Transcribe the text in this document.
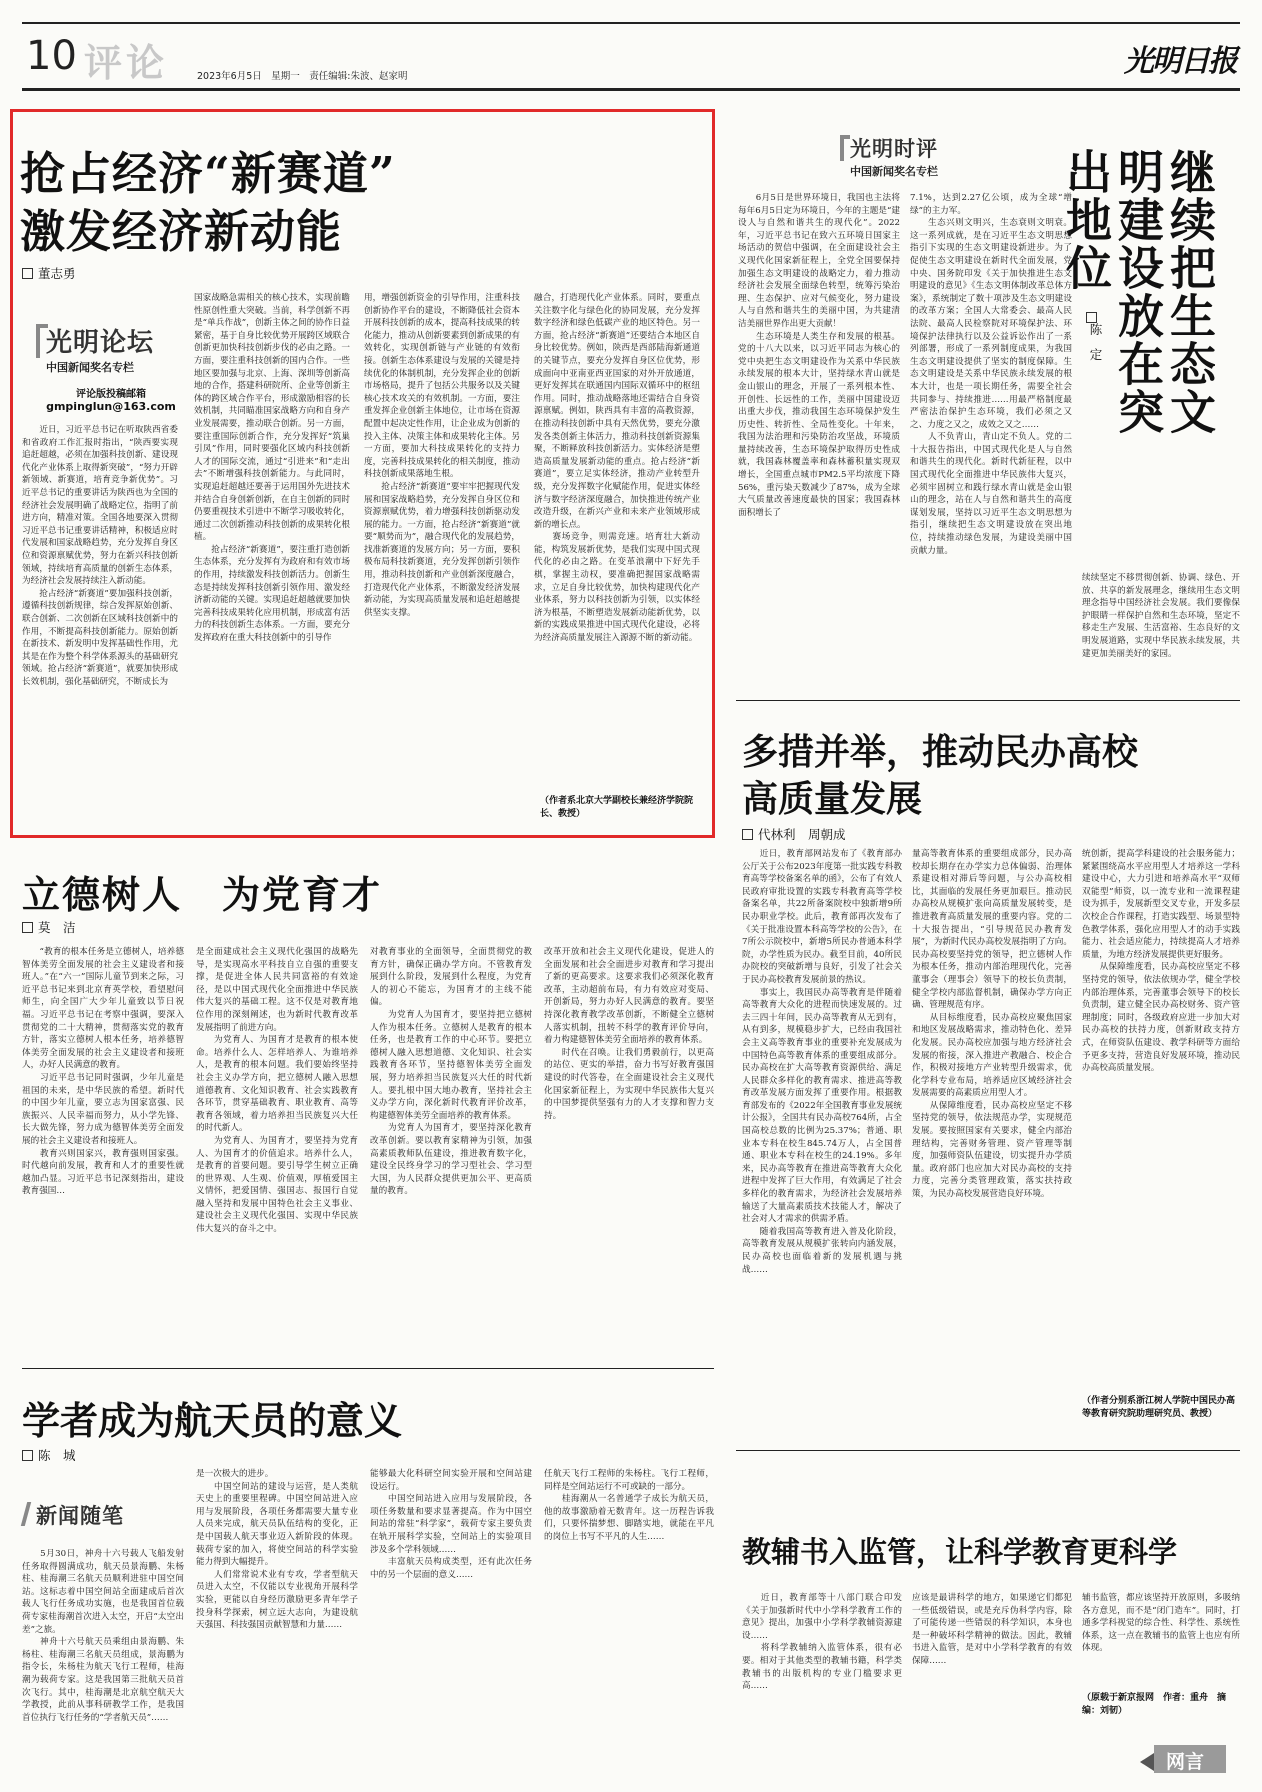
10 评论	2023年6月5日　星期一　责任编辑:朱波、赵家明	光明日报
抢占经济“新赛道”
激发经济新动能
董志勇
光明论坛
中国新闻奖名专栏
评论版投稿邮箱
gmpinglun@163.com
　　近日，习近平总书记在听取陕西省委和省政府工作汇报时指出，“陕西要实现追赶超越，必须在加强科技创新、建设现代化产业体系上取得新突破”，“努力开辟新领域、新赛道，培育竞争新优势”。习近平总书记的重要讲话为陕西也为全国的经济社会发展明确了战略定位，指明了前进方向，精准对策。全国各地要深入贯彻习近平总书记重要讲话精神，积极适应时代发展和国家战略趋势，充分发挥自身区位和资源禀赋优势，努力在新兴科技创新领域，持续培育高质量的创新生态体系，为经济社会发展持续注入新动能。
　　抢占经济“新赛道”要加强科技创新，遵循科技创新规律，综合发挥原始创新、联合创新、二次创新在区域科技创新中的作用，不断提高科技创新能力。原始创新在新技术、新发明中发挥基础性作用，尤其是在作为整个科学体系源头的基础研究领域。抢占经济“新赛道”，就要加快形成长效机制，强化基础研究，不断成长为
国家战略急需相关的核心技术，实现前瞻性原创性重大突破。当前，科学创新不再是“单兵作战”，创新主体之间的协作日益紧密，基于自身比较优势开展跨区域联合创新更加快科技创新步伐的必由之路。一方面，要注重科技创新的国内合作。一些地区要加强与北京、上海、深圳等创新高地的合作，搭建科研院所、企业等创新主体的跨区域合作平台，形成激励相容的长效机制，共同瞄准国家战略方向和自身产业发展需要，推动联合创新。另一方面，要注重国际创新合作，充分发挥好“筑巢引凤”作用，同时要强化区域内科技创新人才的国际交流，通过“引进来”和“走出去”不断增强科技创新能力。与此同时，实现追赶超越还要善于运用国外先进技术并结合自身创新创新，在自主创新的同时仍要重视技术引进中不断学习吸收转化，通过二次创新推动科技创新的成果转化根植。
　　抢占经济“新赛道”，要注重打造创新生态体系，充分发挥有为政府和有效市场的作用，持续激发科技创新活力。创新生态是持续发挥科技创新引领作用、激发经济新动能的关键。实现追赶超越就要加快完善科技成果转化应用机制，形成富有活力的科技创新生态体系。一方面，要充分发挥政府在重大科技创新中的引导作
用，增强创新资金的引导作用，注重科技创新协作平台的建设，不断降低社会资本开展科技创新的成本，提高科技成果的转化能力，推动从创新要素到创新成果的有效转化，实现创新链与产业链的有效衔接。创新生态体系建设与发展的关键是持续优化的体制机制，充分发挥企业的创新市场格局，提升了包括公共服务以及关键核心技术攻关的有效机制。一方面，要注重发挥企业创新主体地位，让市场在资源配置中起决定性作用，让企业成为创新的投入主体、决策主体和成果转化主体。另一方面，要加大科技成果转化的支持力度，完善科技成果转化的相关制度，推动科技创新成果落地生根。
　　抢占经济“新赛道”要牢牢把握现代发展和国家战略趋势，充分发挥自身区位和资源禀赋优势，着力增强科技创新驱动发展的能力。一方面，抢占经济“新赛道”就要“顺势而为”，融合现代化的发展趋势，找准新赛道的发展方向；另一方面，要积极布局科技新赛道，充分发挥创新引领作用，推动科技创新和产业创新深度融合，打造现代化产业体系，不断激发经济发展新动能，为实现高质量发展和追赶超越提供坚实支撑。
融合，打造现代化产业体系。同时，要重点关注数字化与绿色化的协同发展，充分发挥数字经济和绿色低碳产业的地区特色。另一方面，抢占经济“新赛道”还要结合本地区自身比较优势。例如，陕西是西部陆海新通道的关键节点，要充分发挥自身区位优势，形成面向中亚南亚西亚国家的对外开放通道，更好发挥其在联通国内国际双循环中的枢纽作用。同时，推动战略落地还需结合自身资源禀赋。例如，陕西具有丰富的高教资源，在推动科技创新中具有天然优势，要充分激发各类创新主体活力，推动科技创新资源集聚，不断释放科技创新活力。实体经济是塑造高质量发展新动能的重点。抢占经济“新赛道”，要立足实体经济，推动产业转型升级，充分发挥数字化赋能作用，促进实体经济与数字经济深度融合，加快推进传统产业改造升级，在新兴产业和未来产业领域形成新的增长点。
　　赛场竞争，则需竞速。培育壮大新动能，构筑发展新优势，是我们实现中国式现代化的必由之路。在变革浪潮中下好先手棋，掌握主动权，要准确把握国家战略需求，立足自身比较优势，加快构建现代化产业体系，努力以科技创新为引领，以实体经济为根基，不断塑造发展新动能新优势，以新的实践成果推进中国式现代化建设，必将为经济高质量发展注入源源不断的新动能。
（作者系北京大学副校长兼经济学院院长、教授）
光明时评
中国新闻奖名专栏	继续把生态文明建设放在突出地位
陈　定
　　6月5日是世界环境日，我国也主法将每年6月5日定为环境日，今年的主题是“建设人与自然和谐共生的现代化”。2022年，习近平总书记在致六五环境日国家主场活动的贺信中强调，在全面建设社会主义现代化国家新征程上，全党全国要保持加强生态文明建设的战略定力，着力推动经济社会发展全面绿色转型，统筹污染治理、生态保护、应对气候变化，努力建设人与自然和谐共生的美丽中国，为共建清洁美丽世界作出更大贡献！
　　生态环境是人类生存和发展的根基。党的十八大以来，以习近平同志为核心的党中央把生态文明建设作为关系中华民族永续发展的根本大计，坚持绿水青山就是金山银山的理念，开展了一系列根本性、开创性、长远性的工作，美丽中国建设迈出重大步伐，推动我国生态环境保护发生历史性、转折性、全局性变化。十年来，我国为法治理和污染防治攻坚战，环境质量持续改善，生态环境保护取得历史性成就，我国森林覆盖率和森林蓄积量实现双增长，全国重点城市PM2.5平均浓度下降56%，重污染天数减少了87%，成为全球大气质量改善速度最快的国家；我国森林面积增长了
7.1%，达到2.27亿公顷，成为全球“增绿”的主力军。
　　生态兴则文明兴，生态衰则文明衰。这一系列成就，是在习近平生态文明思想指引下实现的生态文明建设新进步。为了促使生态文明建设在新时代全面发展，党中央、国务院印发《关于加快推进生态文明建设的意见》《生态文明体制改革总体方案》，系统制定了数十项涉及生态文明建设的改革方案；全国人大常委会、最高人民法院、最高人民检察院对环境保护法、环境保护法律执行以及公益诉讼作出了一系列部署，形成了一系列制度成果，为我国生态文明建设提供了坚实的制度保障。生态文明建设是关系中华民族永续发展的根本大计，也是一项长期任务，需要全社会共同参与、持续推进……用最严格制度最严密法治保护生态环境，我们必须之又之、力度之又之，成效之又之……
　　人不负青山，青山定不负人。党的二十大报告指出，中国式现代化是人与自然和谐共生的现代化。新时代新征程，以中国式现代化全面推进中华民族伟大复兴，必须牢固树立和践行绿水青山就是金山银山的理念，站在人与自然和谐共生的高度谋划发展，坚持以习近平生态文明思想为指引，继续把生态文明建设放在突出地位，持续推动绿色发展，为建设美丽中国贡献力量。
续续坚定不移贯彻创新、协调、绿色、开放、共享的新发展理念，继续用生态文明理念指导中国经济社会发展。我们要像保护眼睛一样保护自然和生态环境，坚定不移走生产发展、生活富裕、生态良好的文明发展道路，实现中华民族永续发展，共建更加美丽美好的家园。
多措并举，推动民办高校
高质量发展
代林利　周朝成
　　近日，教育部网站发布了《教育部办公厅关于公布2023年度第一批实践专科教育高等学校备案名单的函》，公布了有效人民政府审批设置的实践专科教育高等学校备案名单，共22所备案院校中独新增9所民办职业学校。此后，教育部再次发布了《关于批准设置本科高等学校的公告》，在7所公示院校中，新增5所民办普通本科学院，办学性质为民办。截至目前，40所民办院校的突破新增与良好，引发了社会关于民办高校教育发展前景的热议。
　　事实上，我国民办高等教育是伴随着高等教育大众化的进程而快速发展的。过去三四十年间，民办高等教育从无到有，从有到多，规模稳步扩大，已经由我国社会主义高等教育事业的重要补充发展成为中国特色高等教育体系的重要组成部分。民办高校在扩大高等教育资源供给、满足人民群众多样化的教育需求、推进高等教育改革发展方面发挥了重要作用。根据教育部发布的《2022年全国教育事业发展统计公报》，全国共有民办高校764所，占全国高校总数的比例为25.37%；普通、职业本专科在校生845.74万人，占全国普通、职业本专科在校生的24.19%。多年来，民办高等教育在推进高等教育大众化进程中发挥了巨大作用，有效满足了社会多样化的教育需求，为经济社会发展培养输送了大量高素质技术技能人才，解决了社会对人才需求的供需矛盾。
　　随着我国高等教育进入普及化阶段，高等教育发展从规模扩张转向内涵发展，民办高校也面临着新的发展机遇与挑战……
量高等教育体系的重要组成部分，民办高校却长期存在办学实力总体偏弱、治理体系建设相对滞后等问题，与公办高校相比，其面临的发展任务更加艰巨。推动民办高校从规模扩张向高质量发展转变，是推进教育高质量发展的重要内容。党的二十大报告提出，“引导规范民办教育发展”，为新时代民办高校发展指明了方向。民办高校要坚持党的领导，把立德树人作为根本任务，推动内部治理现代化，完善董事会（理事会）领导下的校长负责制，健全学校内部监督机制，确保办学方向正确、管理规范有序。
　　从目标维度看，民办高校应聚焦国家和地区发展战略需求，推动特色化、差异化发展。民办高校应加强与地方经济社会发展的衔接，深入推进产教融合、校企合作，积极对接地方产业转型升级需求，优化学科专业布局，培养适应区域经济社会发展需要的高素质应用型人才。
　　从保障维度看，民办高校应坚定不移坚持党的领导，依法规范办学，实现规范发展。要按照国家有关要求，健全内部治理结构，完善财务管理、资产管理等制度，加强师资队伍建设，切实提升办学质量。政府部门也应加大对民办高校的支持力度，完善分类管理政策，落实扶持政策，为民办高校发展营造良好环境。
统创新，提高学科建设的社会服务能力；紧紧围绕高水平应用型人才培养这一学科建设中心，大力引进和培养高水平“双师双能型”师资，以一流专业和一流课程建设为抓手，发展新型交叉专业，开发多层次校企合作课程，打造实践型、场景型特色教学体系，强化应用型人才的动手实践能力、社会适应能力，持续提高人才培养质量，为地方经济发展提供更好服务。
　　从保障维度看，民办高校应坚定不移坚持党的领导，依法依规办学，健全学校内部治理体系，完善董事会领导下的校长负责制，建立健全民办高校财务、资产管理制度；同时，各级政府应进一步加大对民办高校的扶持力度，创新财政支持方式，在师资队伍建设、教学科研等方面给予更多支持，营造良好发展环境，推动民办高校高质量发展。
（作者分别系浙江树人学院中国民办高等教育研究院助理研究员、教授）
立德树人　为党育才
莫　洁
　　“教育的根本任务是立德树人，培养德智体美劳全面发展的社会主义建设者和接班人。”在“六一”国际儿童节到来之际，习近平总书记来到北京育英学校，看望慰问师生，向全国广大少年儿童致以节日祝福。习近平总书记在考察中强调，要深入贯彻党的二十大精神，贯彻落实党的教育方针，落实立德树人根本任务，培养德智体美劳全面发展的社会主义建设者和接班人，办好人民满意的教育。
　　习近平总书记同时强调，少年儿童是祖国的未来，是中华民族的希望。新时代的中国少年儿童，要立志为国家富强、民族振兴、人民幸福而努力，从小学先锋、长大做先锋，努力成为德智体美劳全面发展的社会主义建设者和接班人。
　　教育兴则国家兴，教育强则国家强。时代越向前发展，教育和人才的重要性就越加凸显。习近平总书记深刻指出，建设教育强国…
是全面建成社会主义现代化强国的战略先导，是实现高水平科技自立自强的重要支撑，是促进全体人民共同富裕的有效途径，是以中国式现代化全面推进中华民族伟大复兴的基础工程。这不仅是对教育地位作用的深刻阐述，也为新时代教育改革发展指明了前进方向。
　　为党育人、为国育才是教育的根本使命。培养什么人、怎样培养人、为谁培养人，是教育的根本问题。我们要始终坚持社会主义办学方向，把立德树人融入思想道德教育、文化知识教育、社会实践教育各环节，贯穿基础教育、职业教育、高等教育各领域，着力培养担当民族复兴大任的时代新人。
　　为党育人、为国育才，要坚持为党育人、为国育才的价值追求。培养什么人，是教育的首要问题。要引导学生树立正确的世界观、人生观、价值观，厚植爱国主义情怀，把爱国情、强国志、报国行自觉融入坚持和发展中国特色社会主义事业、建设社会主义现代化强国、实现中华民族伟大复兴的奋斗之中。
对教育事业的全面领导，全面贯彻党的教育方针，确保正确办学方向。不管教育发展到什么阶段，发展到什么程度，为党育人的初心不能忘，为国育才的主线不能偏。
　　为党育人为国育才，要坚持把立德树人作为根本任务。立德树人是教育的根本任务，也是教育工作的中心环节。要把立德树人融入思想道德、文化知识、社会实践教育各环节，坚持德智体美劳全面发展，努力培养担当民族复兴大任的时代新人。要扎根中国大地办教育，坚持社会主义办学方向，深化新时代教育评价改革，构建德智体美劳全面培养的教育体系。
　　为党育人为国育才，要坚持深化教育改革创新。要以教育家精神为引领，加强高素质教师队伍建设，推进教育数字化，建设全民终身学习的学习型社会、学习型大国，为人民群众提供更加公平、更高质量的教育。
改革开放和社会主义现代化建设，促进人的全面发展和社会全面进步对教育和学习提出了新的更高要求。这要求我们必须深化教育改革，主动超前布局，有力有效应对变局、开创新局，努力办好人民满意的教育。要坚持深化教育教学改革创新，不断健全立德树人落实机制，扭转不科学的教育评价导向，着力构建德智体美劳全面培养的教育体系。
　　时代在召唤。让我们勇毅前行，以更高的站位、更实的举措，奋力书写好教育强国建设的时代答卷，在全面建设社会主义现代化国家新征程上，为实现中华民族伟大复兴的中国梦提供坚强有力的人才支撑和智力支持。
学者成为航天员的意义
陈　城
新闻随笔
　　5月30日，神舟十六号载人飞船发射任务取得圆满成功，航天员景海鹏、朱杨柱、桂海潮三名航天员顺利进驻中国空间站。这标志着中国空间站全面建成后首次载人飞行任务成功实施，也是我国首位载荷专家桂海潮首次进入太空，开启“太空出差”之旅。
　　神舟十六号航天员乘组由景海鹏、朱杨柱、桂海潮三名航天员组成，景海鹏为指令长，朱杨柱为航天飞行工程师，桂海潮为载荷专家。这是我国第三批航天员首次飞行。其中，桂海潮是北京航空航天大学教授，此前从事科研教学工作，是我国首位执行飞行任务的“学者航天员”……
是一次极大的进步。
　　中国空间站的建设与运营，是人类航天史上的重要里程碑。中国空间站进入应用与发展阶段，各项任务都需要大量专业人员来完成，航天员队伍结构的变化，正是中国载人航天事业迈入新阶段的体现。载荷专家的加入，将使空间站的科学实验能力得到大幅提升。
　　人们常常说术业有专攻，学者型航天员进入太空，不仅能以专业视角开展科学实验，更能以自身经历激励更多青年学子投身科学探索，树立远大志向，为建设航天强国、科技强国贡献智慧和力量……
能够最大化科研空间实验开展和空间站建设运行。
　　中国空间站进入应用与发展阶段，各项任务数量和要求显著提高。作为中国空间站的常驻“科学家”，载荷专家主要负责在轨开展科学实验，空间站上的实验项目涉及多个学科领域……
　　丰富航天员构成类型，还有此次任务中的另一个层面的意义……
任航天飞行工程师的朱杨柱。飞行工程师，同样是空间站运行不可或缺的一部分。
　　桂海潮从一名普通学子成长为航天员，他的故事激励着无数青年。这一历程告诉我们，只要怀揣梦想、脚踏实地，就能在平凡的岗位上书写不平凡的人生……	教辅书入监管，让科学教育更科学
　　近日，教育部等十八部门联合印发《关于加强新时代中小学科学教育工作的意见》提出，加强中小学科学教辅资源建设……
　　将科学教辅纳入监管体系，很有必要。相对于其他类型的教辅书籍，科学类教辅书的出版机构的专业门槛要求更高……
应该是最讲科学的地方，如果递它们都犯一些低级错误，或是充斥伪科学内容，除了可能传递一些错误的科学知识，本身也是一种破坏科学精神的做法。因此，教辅书进入监管，是对中小学科学教育的有效保障……
辅书监管，都应该坚持开放原则，多吸纳各方意见，而不是“闭门造车”。同时，打通多学科视觉的综合性、科学性、系统性体系，这一点在教辅书的监管上也应有所体现。
（原载于新京报网　作者：重舟　摘编：刘韧）
网言
